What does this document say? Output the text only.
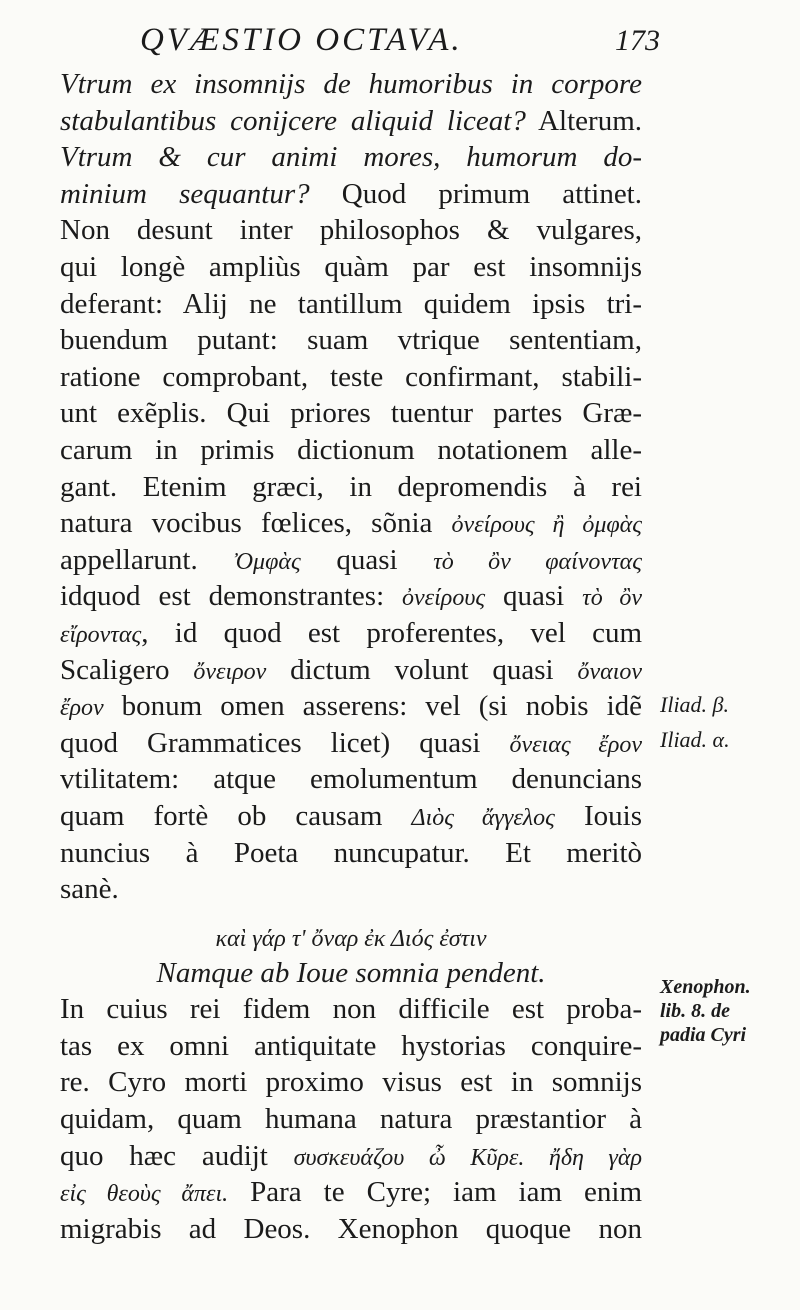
QVÆSTIO OCTAVA.	173
Vtrum ex insomnijs de humoribus in corpore
stabulantibus conijcere aliquid liceat? Alterum.
Vtrum & cur animi mores, humorum do-
minium sequantur? Quod primum attinet.
Non desunt inter philosophos & vulgares,
qui longè ampliùs quàm par est insomnijs
deferant: Alij ne tantillum quidem ipsis tri-
buendum putant: suam vtrique sententiam,
ratione comprobant, teste confirmant, stabili-
unt exẽplis. Qui priores tuentur partes Græ-
carum in primis dictionum notationem alle-
gant. Etenim græci, in depromendis à rei
natura vocibus fœlices, sõnia ὀνείρους ἢ ὀμφὰς
appellarunt. Ὀμφὰς quasi τὸ ὂν φαίνοντας
idquod est demonstrantes: ὀνείρους quasi τὸ ὂν
εἴροντας, id quod est proferentes, vel cum
Scaligero ὄνειρον dictum volunt quasi ὄναιον
ἔρον bonum omen asserens: vel (si nobis idẽ
quod Grammatices licet) quasi ὄνειας ἔρον
vtilitatem: atque emolumentum denuncians
quam fortè ob causam Διὸς ἄγγελος Iouis
nuncius à Poeta nuncupatur. Et meritò
sanè.
καὶ γάρ τ' ὄναρ ἐκ Διός ἐστιν
Namque ab Ioue somnia pendent.
In cuius rei fidem non difficile est proba-
tas ex omni antiquitate hystorias conquire-
re. Cyro morti proximo visus est in somnijs
quidam, quam humana natura præstantior à
quo hæc audijt συσκευάζου ὦ Κῦρε. ἤδη γὰρ
εἰς θεοὺς ἄπει. Para te Cyre; iam iam enim
migrabis ad Deos. Xenophon quoque non
Iliad. β.
Iliad. α.
Xenophon.
lib. 8. de
padia Cyri
